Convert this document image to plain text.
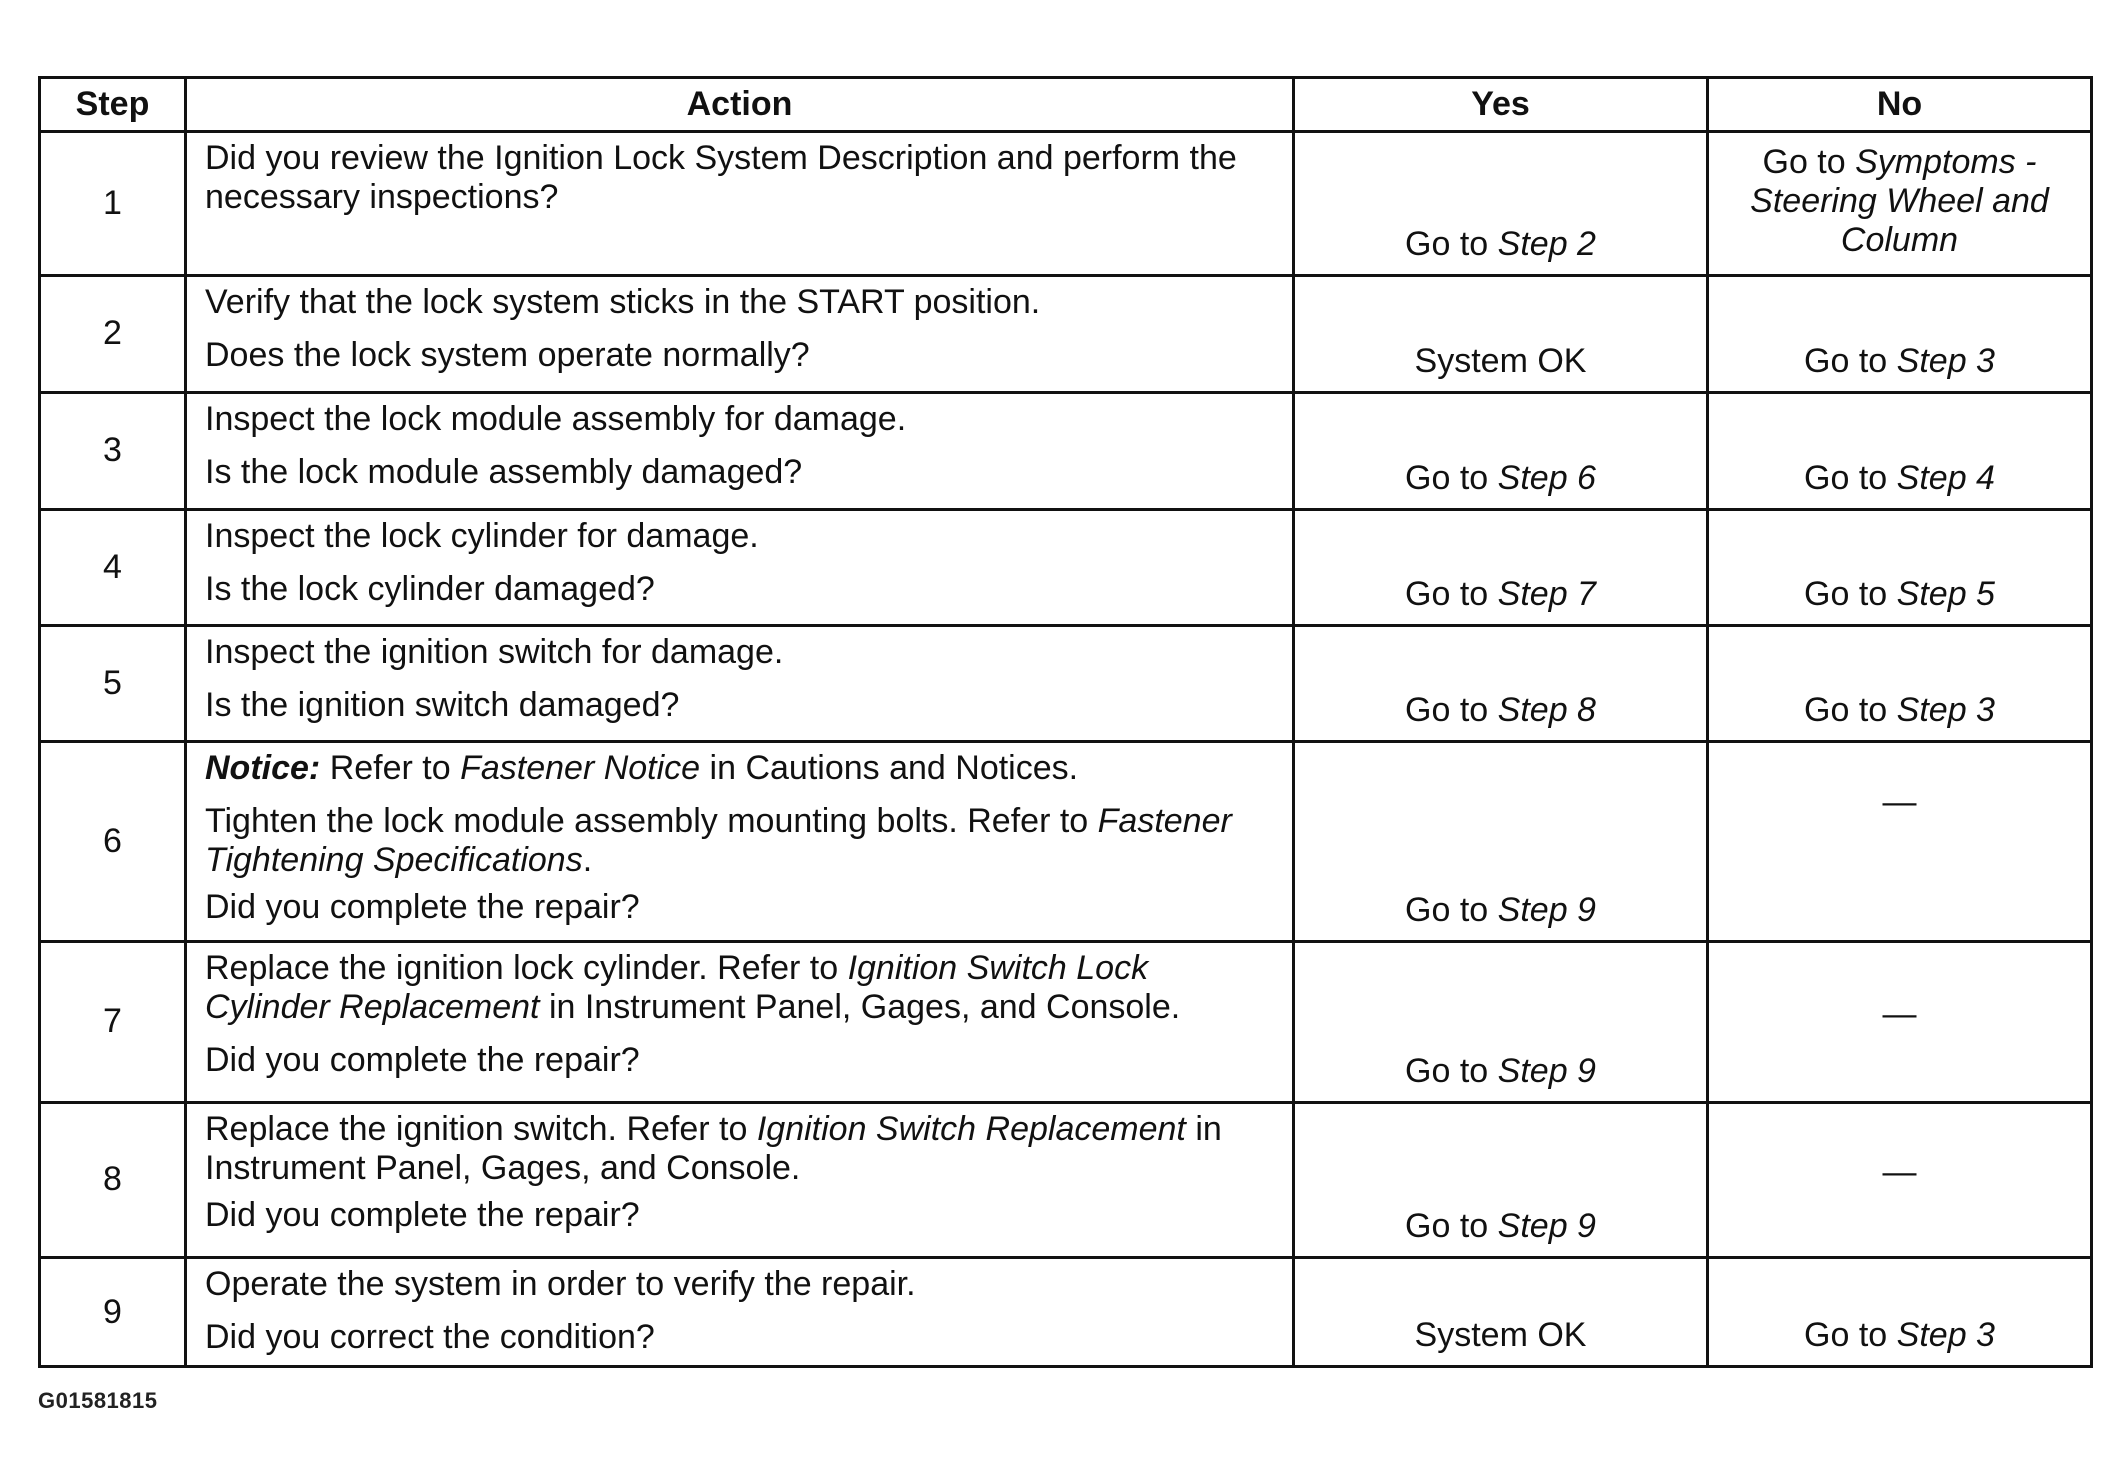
Step	Action	Yes	No
1	Did you review the Ignition Lock System Description and perform the necessary inspections?	Go to Step 2	Go to Symptoms - Steering Wheel and Column
2	Verify that the lock system sticks in the START position.
Does the lock system operate normally?	System OK	Go to Step 3
3	Inspect the lock module assembly for damage.
Is the lock module assembly damaged?	Go to Step 6	Go to Step 4
4	Inspect the lock cylinder for damage.
Is the lock cylinder damaged?	Go to Step 7	Go to Step 5
5	Inspect the ignition switch for damage.
Is the ignition switch damaged?	Go to Step 8	Go to Step 3
6	Notice: Refer to Fastener Notice in Cautions and Notices.
Tighten the lock module assembly mounting bolts. Refer to Fastener Tightening Specifications.
Did you complete the repair?	Go to Step 9	—
7	Replace the ignition lock cylinder. Refer to Ignition Switch Lock Cylinder Replacement in Instrument Panel, Gages, and Console.
Did you complete the repair?	Go to Step 9	—
8	Replace the ignition switch. Refer to Ignition Switch Replacement in Instrument Panel, Gages, and Console.
Did you complete the repair?	Go to Step 9	—
9	Operate the system in order to verify the repair.
Did you correct the condition?	System OK	Go to Step 3
G01581815
